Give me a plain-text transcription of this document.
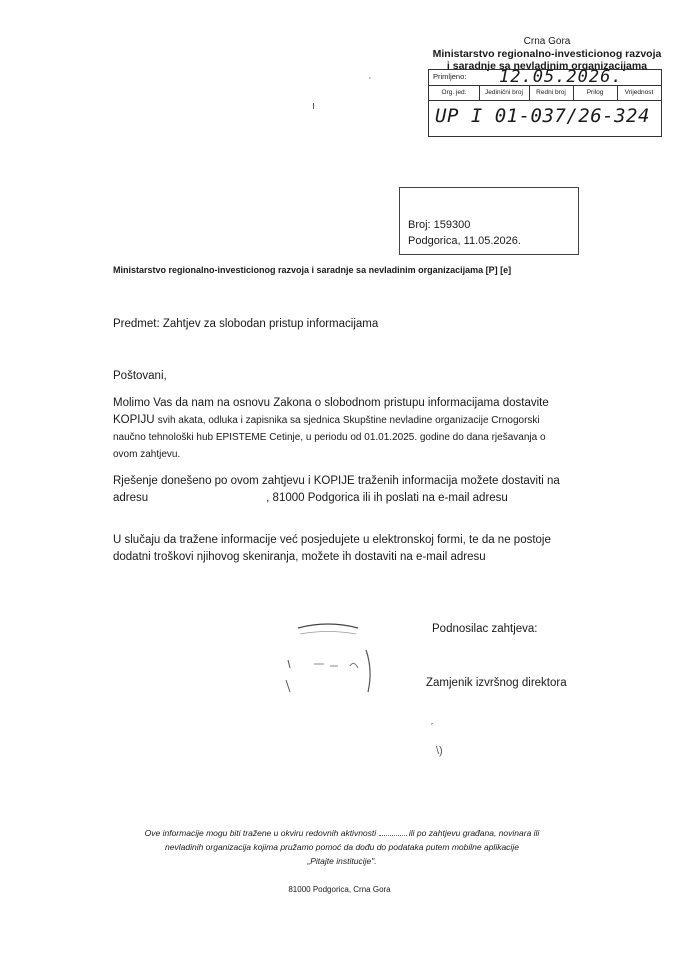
Crna Gora
Ministarstvo regionalno-investicionog razvoja
i saradnje sa nevladinim organizacijama
Primljeno: 12.05.2026.
Org. jed.	Jedinični broj	Redni broj	Prilog	Vrijednost
UP I 01-037/26-324
·
ı
Broj: 159300
Podgorica, 11.05.2026.
Ministarstvo regionalno-investicionog razvoja i saradnje sa nevladinim organizacijama [P] [e]
Predmet: Zahtjev za slobodan pristup informacijama
Poštovani,
Molimo Vas da nam na osnovu Zakona o slobodnom pristupu informacijama dostavite
KOPIJU svih akata, odluka i zapisnika sa sjednica Skupštine nevladine organizacije Crnogorski
naučno tehnološki hub EPISTEME Cetinje, u periodu od 01.01.2025. godine do dana rješavanja o
ovom zahtjevu.
Rješenje donešeno po ovom zahtjevu i KOPIJE traženih informacija možete dostaviti na
adresu	, 81000 Podgorica ili ih poslati na e-mail adresu
U slučaju da tražene informacije već posjedujete u elektronskoj formi, te da ne postoje
dodatni troškovi njihovog skeniranja, možete ih dostaviti na e-mail adresu
Podnosilac zahtjeva:
Zamjenik izvršnog direktora
ˊ
\)
Ove informacije mogu biti tražene u okviru redovnih aktivnosti	ili po zahtjevu građana, novinara ili
nevladinih organizacija kojima pružamo pomoć da dođu do podataka putem mobilne aplikacije
„Pitajte institucije".
81000 Podgorica, Crna Gora
